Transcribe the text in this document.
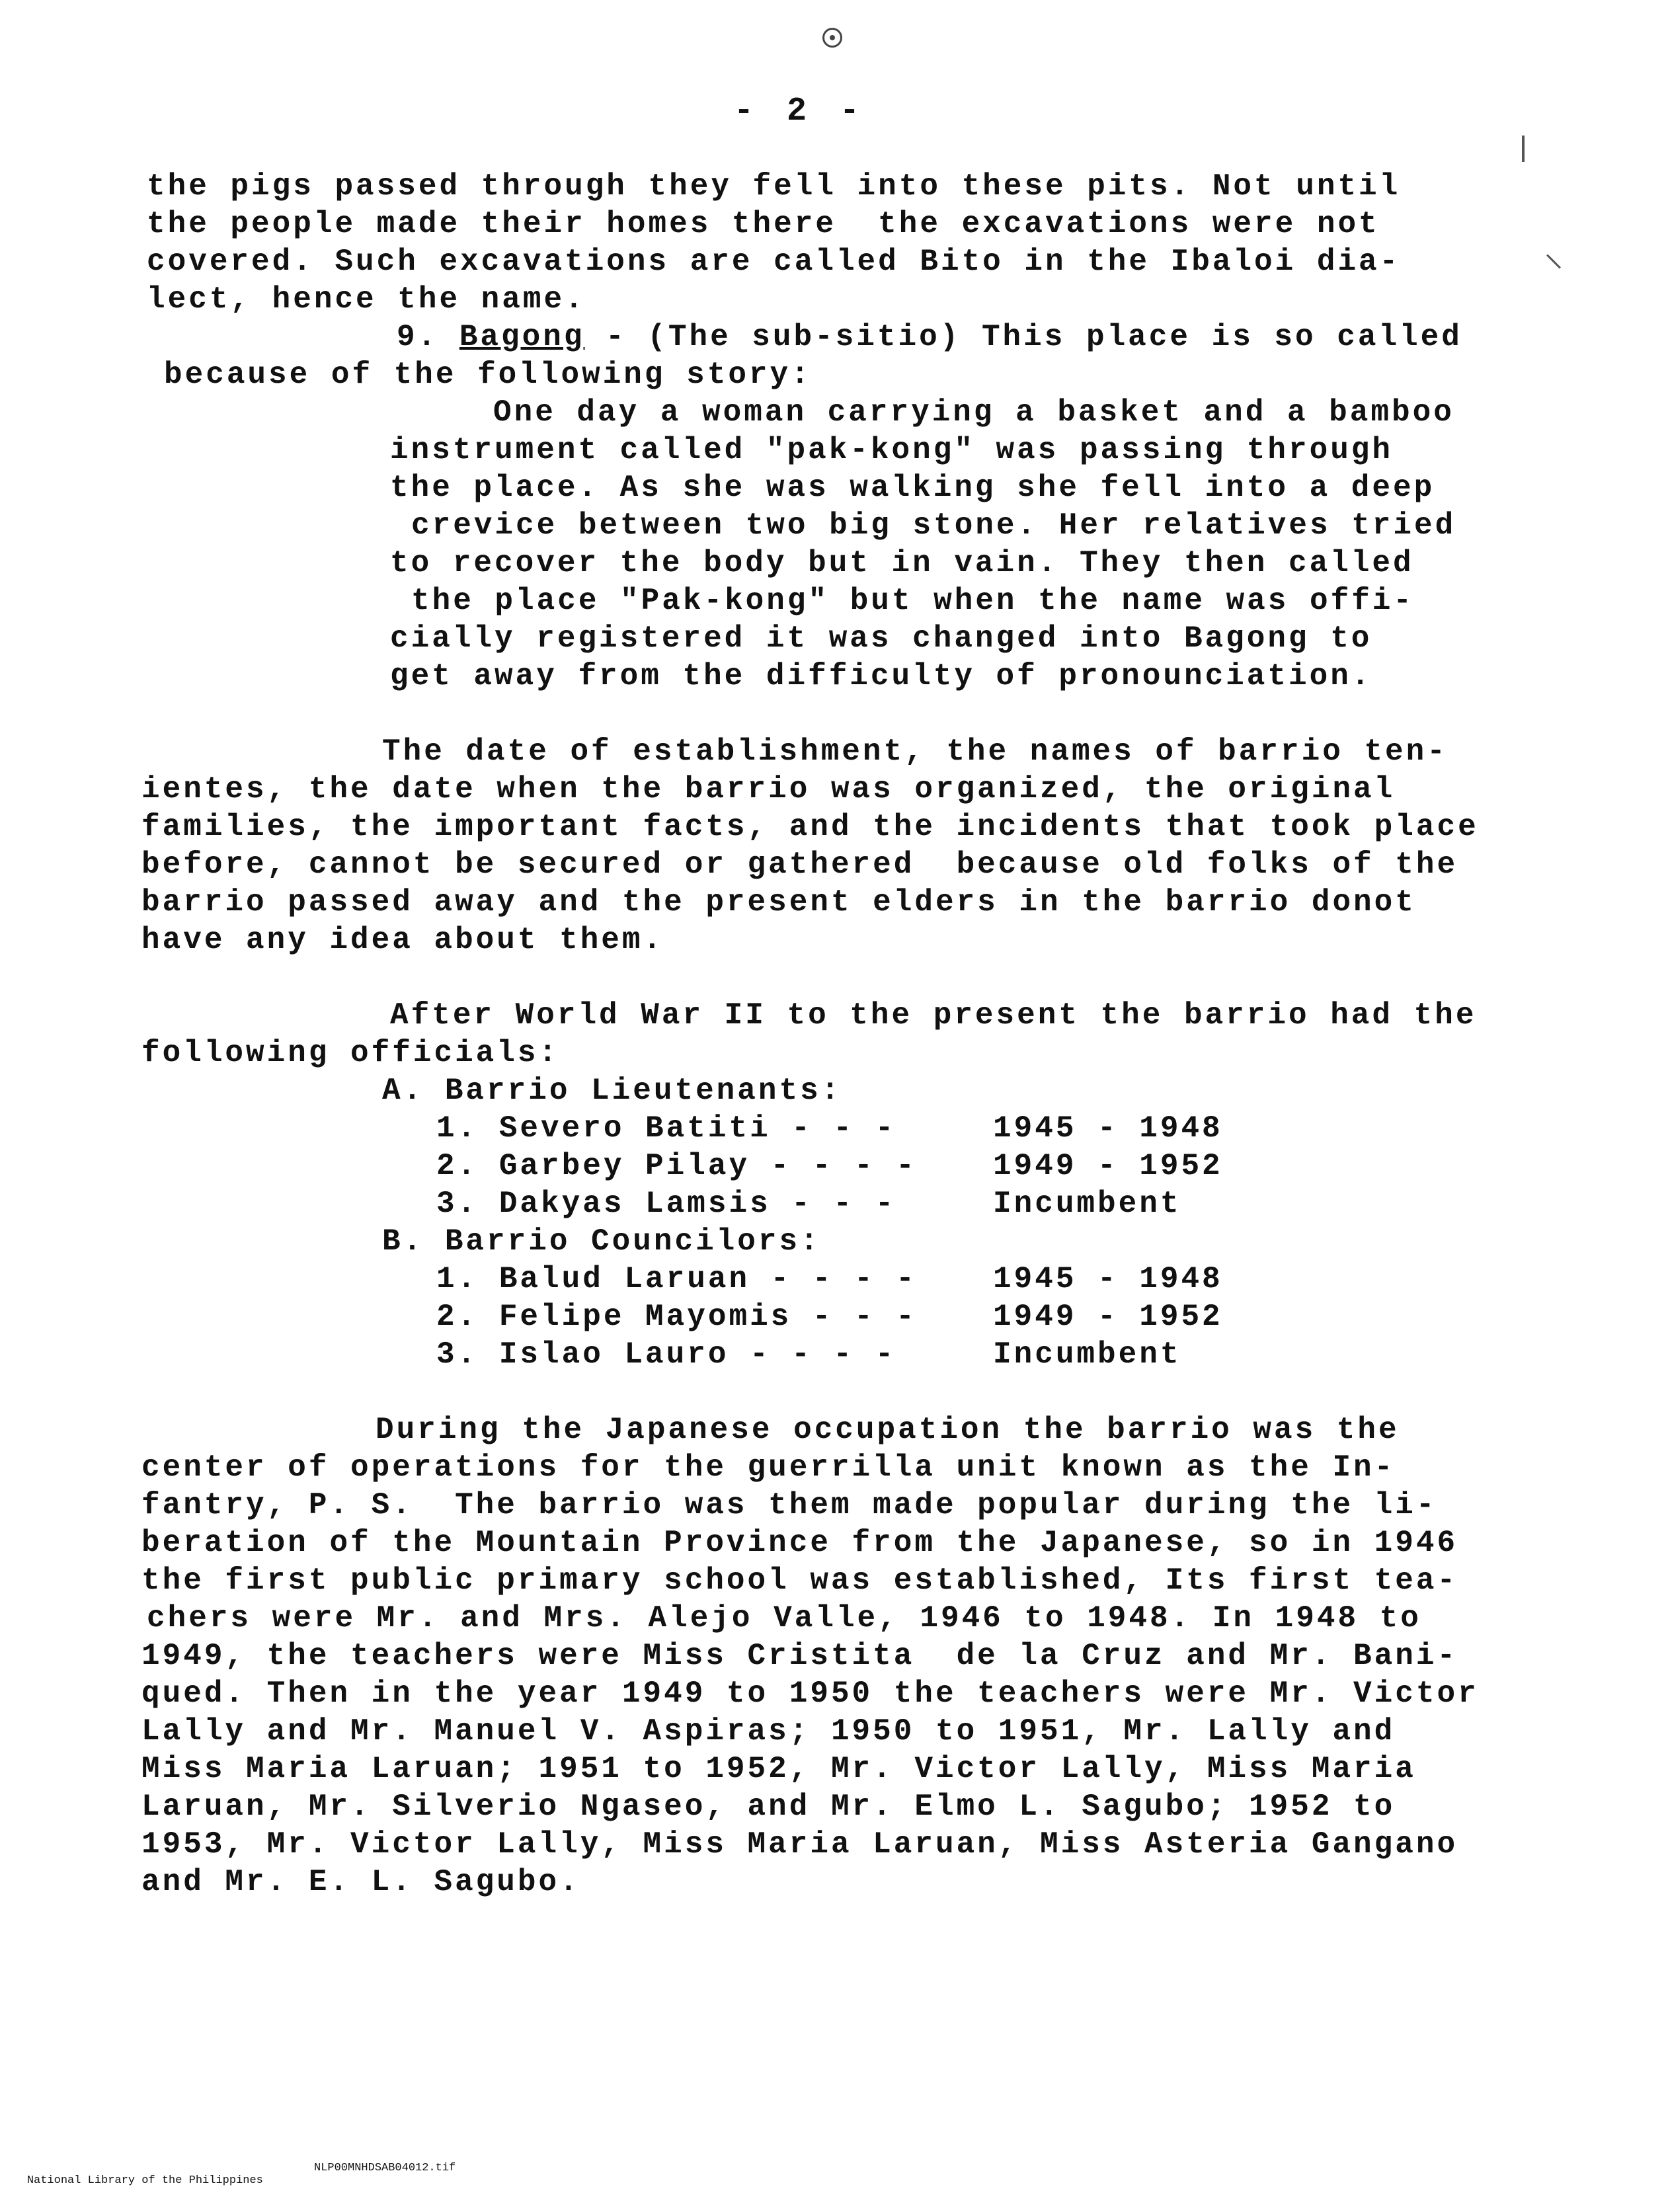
- 2 -
the pigs passed through they fell into these pits. Not until
the people made their homes there  the excavations were not
covered. Such excavations are called Bito in the Ibaloi dia-
lect, hence the name.
9. Bagong - (The sub-sitio) This place is so called
because of the following story:
One day a woman carrying a basket and a bamboo
instrument called "pak-kong" was passing through
the place. As she was walking she fell into a deep
crevice between two big stone. Her relatives tried
to recover the body but in vain. They then called
the place "Pak-kong" but when the name was offi-
cially registered it was changed into Bagong to
get away from the difficulty of pronounciation.
The date of establishment, the names of barrio ten-
ientes, the date when the barrio was organized, the original
families, the important facts, and the incidents that took place
before, cannot be secured or gathered  because old folks of the
barrio passed away and the present elders in the barrio donot
have any idea about them.
After World War II to the present the barrio had the
following officials:
A. Barrio Lieutenants:
1. Severo Batiti - - -	1945 - 1948
2. Garbey Pilay - - - -	1949 - 1952
3. Dakyas Lamsis - - -	Incumbent
B. Barrio Councilors:
1. Balud Laruan - - - -	1945 - 1948
2. Felipe Mayomis - - -	1949 - 1952
3. Islao Lauro - - - -	Incumbent
During the Japanese occupation the barrio was the
center of operations for the guerrilla unit known as the In-
fantry, P. S.  The barrio was them made popular during the li-
beration of the Mountain Province from the Japanese, so in 1946
the first public primary school was established, Its first tea-
chers were Mr. and Mrs. Alejo Valle, 1946 to 1948. In 1948 to
1949, the teachers were Miss Cristita  de la Cruz and Mr. Bani-
qued. Then in the year 1949 to 1950 the teachers were Mr. Victor
Lally and Mr. Manuel V. Aspiras; 1950 to 1951, Mr. Lally and
Miss Maria Laruan; 1951 to 1952, Mr. Victor Lally, Miss Maria
Laruan, Mr. Silverio Ngaseo, and Mr. Elmo L. Sagubo; 1952 to
1953, Mr. Victor Lally, Miss Maria Laruan, Miss Asteria Gangano
and Mr. E. L. Sagubo.

National Library of the Philippines

NLP00MNHDSAB04012.tif
